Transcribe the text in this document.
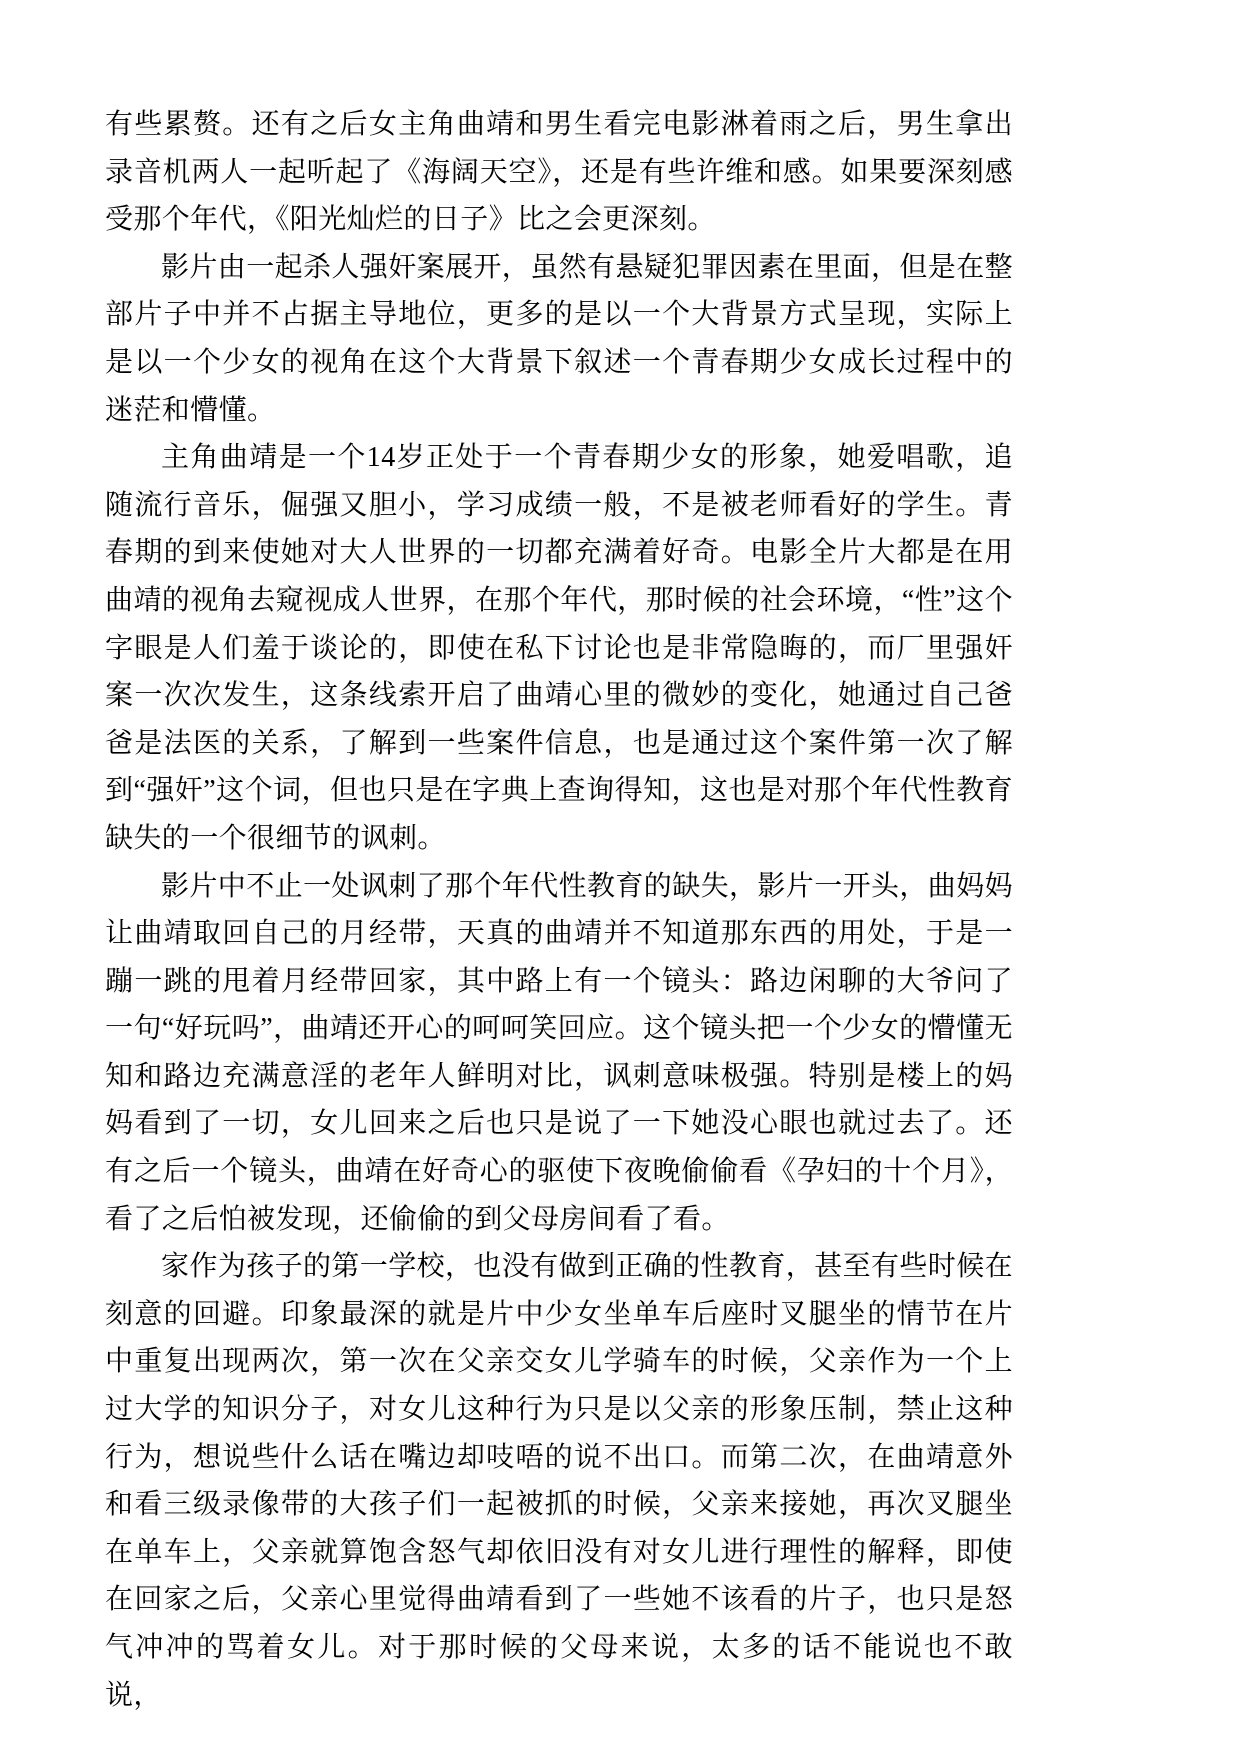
有些累赘。还有之后女主角曲靖和男生看完电影淋着雨之后，男生拿出录音机两人一起听起了《海阔天空》，还是有些许维和感。如果要深刻感受那个年代，《阳光灿烂的日子》比之会更深刻。

影片由一起杀人强奸案展开，虽然有悬疑犯罪因素在里面，但是在整部片子中并不占据主导地位，更多的是以一个大背景方式呈现，实际上是以一个少女的视角在这个大背景下叙述一个青春期少女成长过程中的迷茫和懵懂。

主角曲靖是一个14岁正处于一个青春期少女的形象，她爱唱歌，追随流行音乐，倔强又胆小，学习成绩一般，不是被老师看好的学生。青春期的到来使她对大人世界的一切都充满着好奇。电影全片大都是在用曲靖的视角去窥视成人世界，在那个年代，那时候的社会环境，“性”这个字眼是人们羞于谈论的，即使在私下讨论也是非常隐晦的，而厂里强奸案一次次发生，这条线索开启了曲靖心里的微妙的变化，她通过自己爸爸是法医的关系，了解到一些案件信息，也是通过这个案件第一次了解到“强奸”这个词，但也只是在字典上查询得知，这也是对那个年代性教育缺失的一个很细节的讽刺。

影片中不止一处讽刺了那个年代性教育的缺失，影片一开头，曲妈妈让曲靖取回自己的月经带，天真的曲靖并不知道那东西的用处，于是一蹦一跳的甩着月经带回家，其中路上有一个镜头：路边闲聊的大爷问了一句“好玩吗”，曲靖还开心的呵呵笑回应。这个镜头把一个少女的懵懂无知和路边充满意淫的老年人鲜明对比，讽刺意味极强。特别是楼上的妈妈看到了一切，女儿回来之后也只是说了一下她没心眼也就过去了。还有之后一个镜头，曲靖在好奇心的驱使下夜晚偷偷看《孕妇的十个月》，看了之后怕被发现，还偷偷的到父母房间看了看。

家作为孩子的第一学校，也没有做到正确的性教育，甚至有些时候在刻意的回避。印象最深的就是片中少女坐单车后座时叉腿坐的情节在片中重复出现两次，第一次在父亲交女儿学骑车的时候，父亲作为一个上过大学的知识分子，对女儿这种行为只是以父亲的形象压制，禁止这种行为，想说些什么话在嘴边却吱唔的说不出口。而第二次，在曲靖意外和看三级录像带的大孩子们一起被抓的时候，父亲来接她，再次叉腿坐在单车上，父亲就算饱含怒气却依旧没有对女儿进行理性的解释，即使在回家之后，父亲心里觉得曲靖看到了一些她不该看的片子，也只是怒气冲冲的骂着女儿。对于那时候的父母来说，太多的话不能说也不敢说，
